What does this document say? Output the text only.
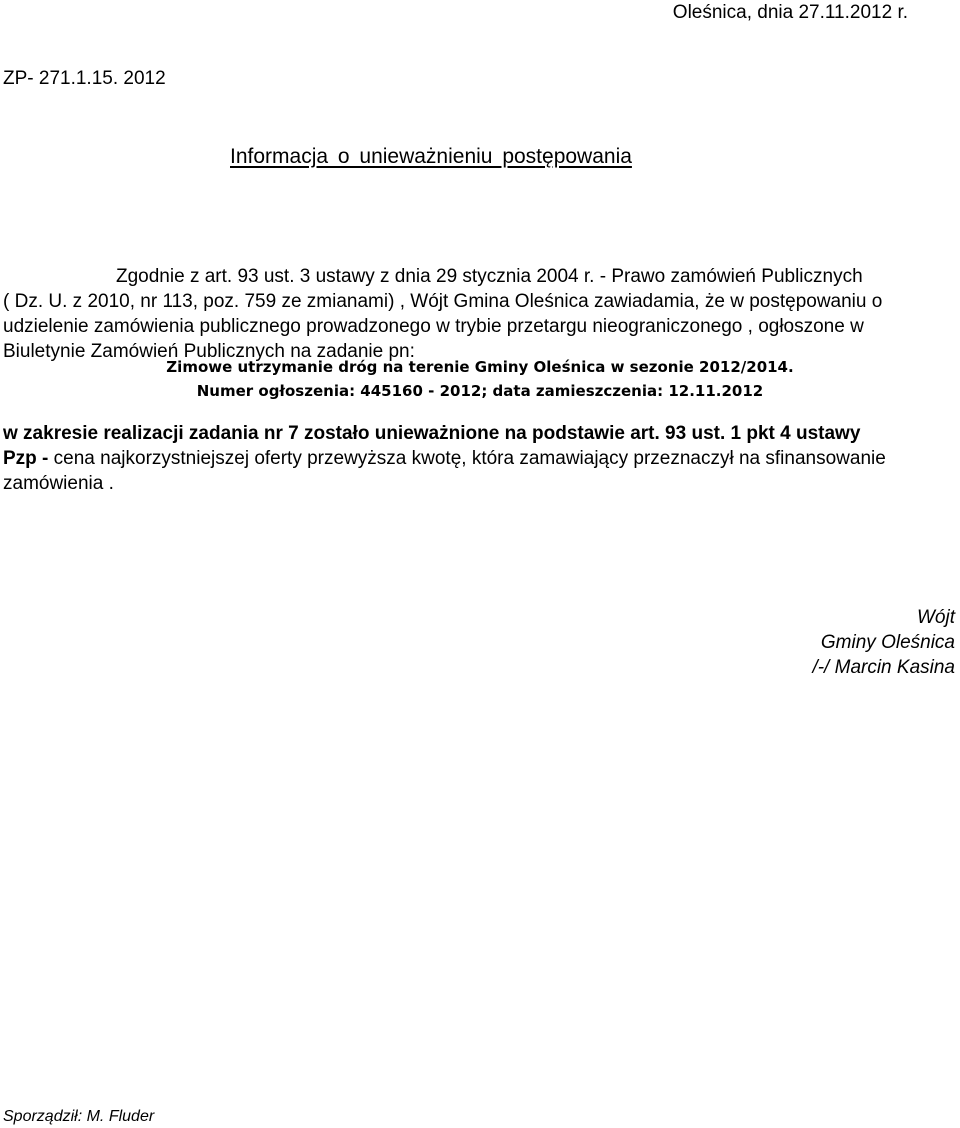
Oleśnica, dnia 27.11.2012 r.
ZP- 271.1.15. 2012
Informacja o unieważnieniu postępowania
Zgodnie z art. 93 ust. 3 ustawy z dnia 29 stycznia 2004 r. - Prawo zamówień Publicznych
( Dz. U. z 2010, nr 113, poz. 759 ze zmianami) , Wójt Gmina Oleśnica zawiadamia, że w postępowaniu o
udzielenie zamówienia publicznego prowadzonego w trybie przetargu nieograniczonego , ogłoszone w
Biuletynie Zamówień Publicznych na zadanie pn:
Zimowe utrzymanie dróg na terenie Gminy Oleśnica w sezonie 2012/2014.
Numer ogłoszenia: 445160 - 2012; data zamieszczenia: 12.11.2012
w zakresie realizacji zadania nr 7 zostało unieważnione na podstawie art. 93 ust. 1 pkt 4 ustawy
Pzp - cena najkorzystniejszej oferty przewyższa kwotę, która zamawiający przeznaczył na sfinansowanie
zamówienia .
Wójt
Gminy Oleśnica
/-/ Marcin Kasina
Sporządził: M. Fluder
